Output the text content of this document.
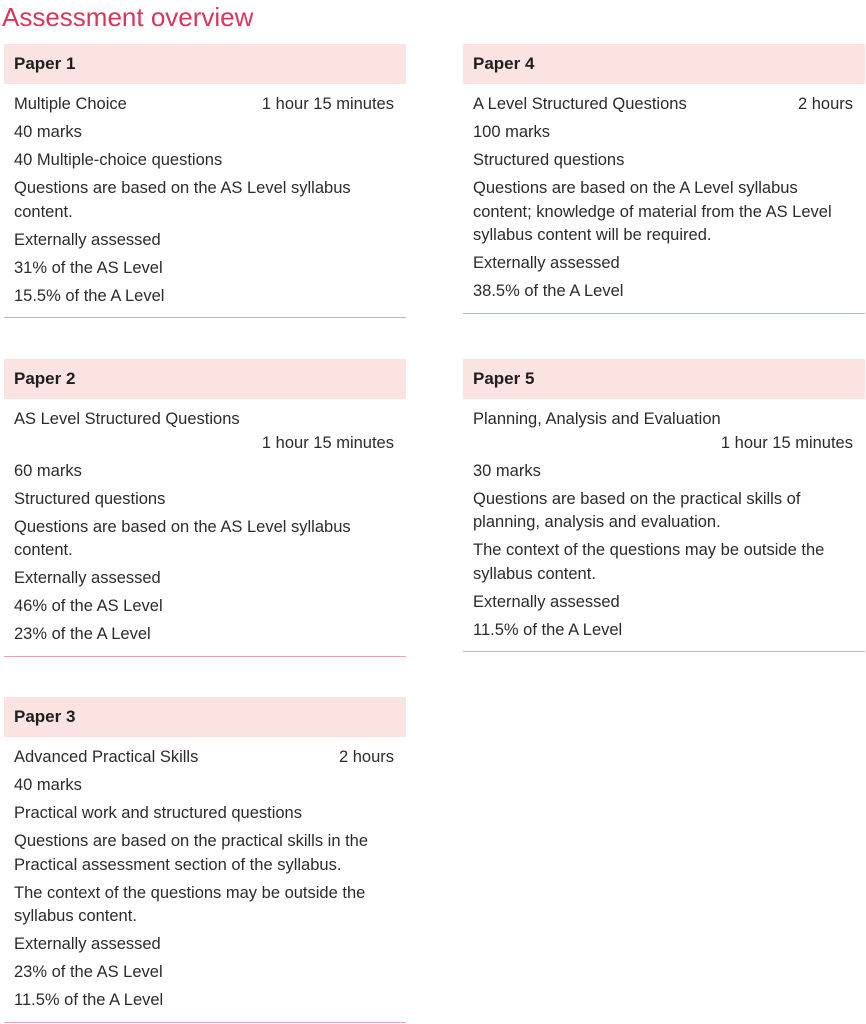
Assessment overview
Paper 1
Multiple Choice	1 hour 15 minutes
40 marks
40 Multiple-choice questions
Questions are based on the AS Level syllabus content.
Externally assessed
31% of the AS Level
15.5% of the A Level
Paper 2
AS Level Structured Questions
1 hour 15 minutes
60 marks
Structured questions
Questions are based on the AS Level syllabus content.
Externally assessed
46% of the AS Level
23% of the A Level
Paper 3
Advanced Practical Skills	2 hours
40 marks
Practical work and structured questions
Questions are based on the practical skills in the Practical assessment section of the syllabus.
The context of the questions may be outside the syllabus content.
Externally assessed
23% of the AS Level
11.5% of the A Level
Paper 4
A Level Structured Questions	2 hours
100 marks
Structured questions
Questions are based on the A Level syllabus content; knowledge of material from the AS Level syllabus content will be required.
Externally assessed
38.5% of the A Level
Paper 5
Planning, Analysis and Evaluation
1 hour 15 minutes
30 marks
Questions are based on the practical skills of planning, analysis and evaluation.
The context of the questions may be outside the syllabus content.
Externally assessed
11.5% of the A Level
